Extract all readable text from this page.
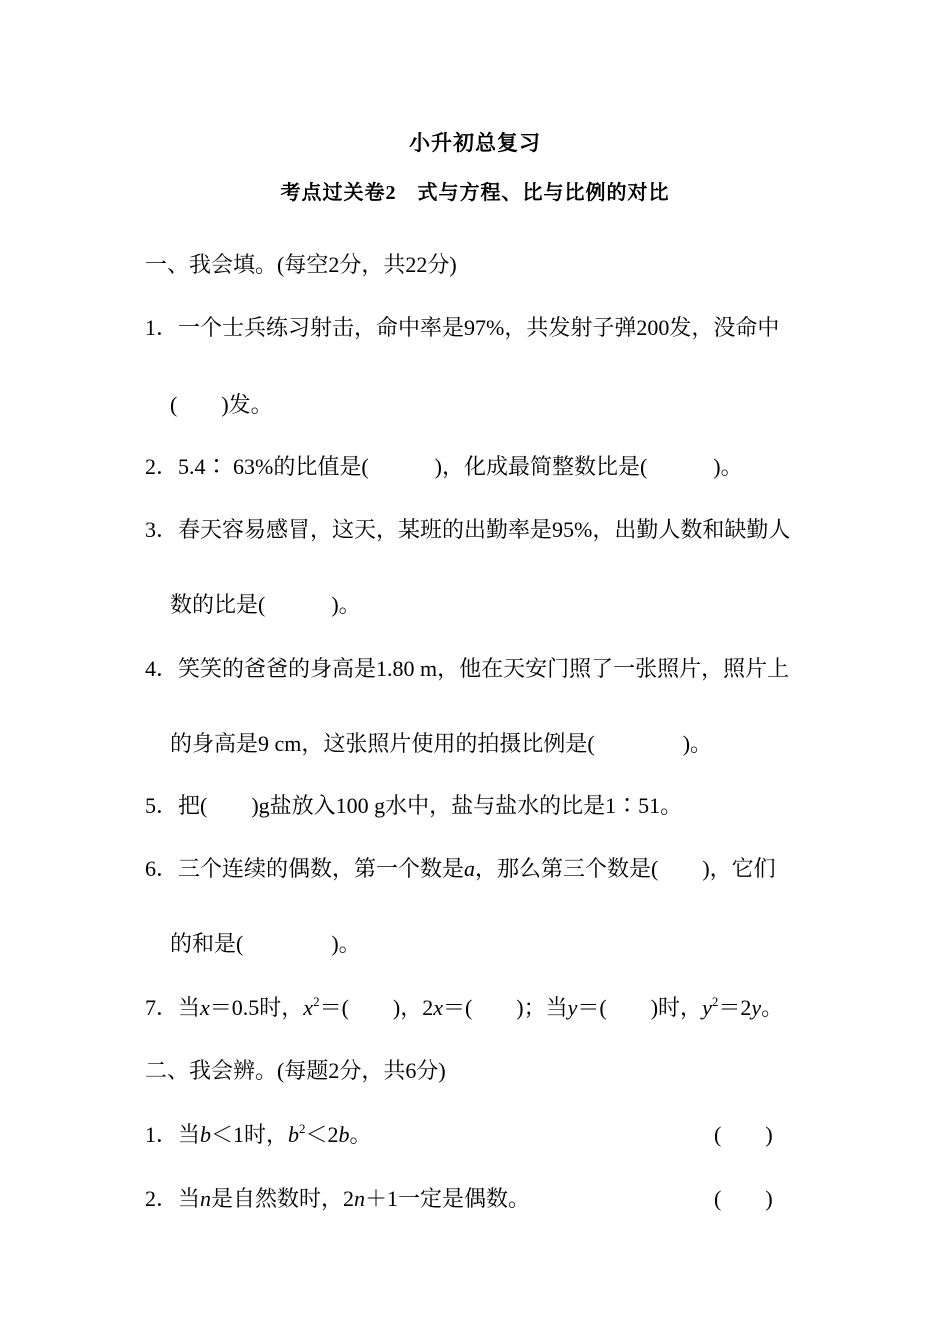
小升初总复习
考点过关卷2　 式与方程、比与比例的对比
一、我会填。(每空2分，共22分)
1．一个士兵练习射击，命中率是97%，共发射子弹200发，没命中
(　　)发。
2．5.4∶ 63%的比值是(　　　)，化成最简整数比是(　　　)。
3．春天容易感冒，这天，某班的出勤率是95%，出勤人数和缺勤人
数的比是(　　　)。
4．笑笑的爸爸的身高是1.80 m，他在天安门照了一张照片，照片上
的身高是9 cm，这张照片使用的拍摄比例是(　　　　)。
5．把(　　)g盐放入100 g水中，盐与盐水的比是1∶51。
6．三个连续的偶数，第一个数是a，那么第三个数是(　　)，它们
的和是(　　　　)。
7．当x＝0.5时，$x^2=$(　　)，2x＝(　　)；当y＝(　　)时，$y^2=2y$。
二、我会辨。(每题2分，共6分)
1．当b＜1时，$b^2<2b$。	(　　)
2．当n是自然数时，2n＋1一定是偶数。	(　　)
